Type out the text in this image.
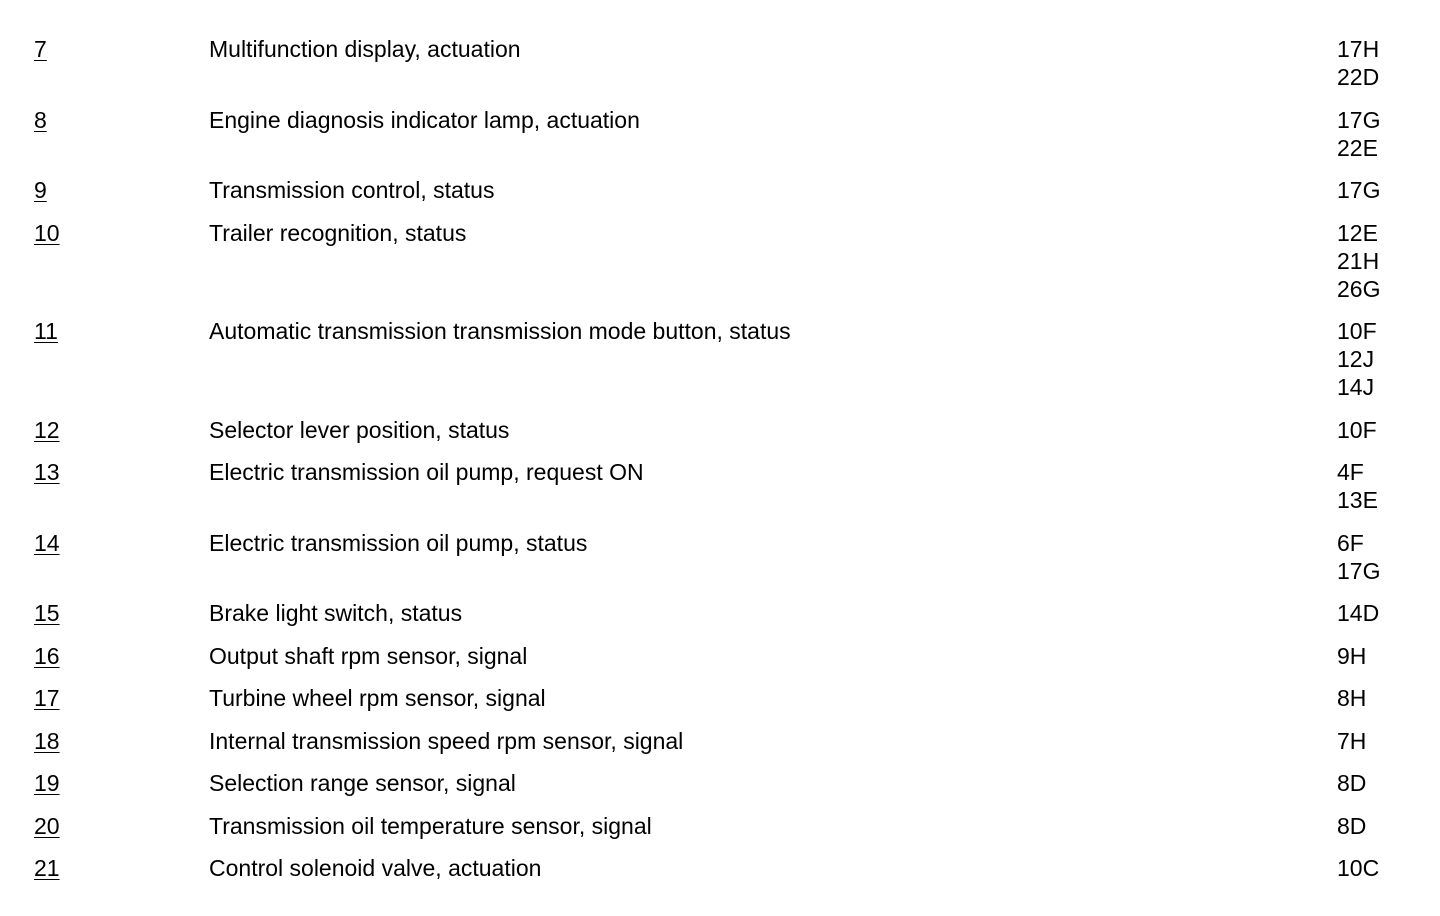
7	Multifunction display, actuation	17H
22D
8	Engine diagnosis indicator lamp, actuation	17G
22E
9	Transmission control, status	17G
10	Trailer recognition, status	12E
21H
26G
11	Automatic transmission transmission mode button, status	10F
12J
14J
12	Selector lever position, status	10F
13	Electric transmission oil pump, request ON	4F
13E
14	Electric transmission oil pump, status	6F
17G
15	Brake light switch, status	14D
16	Output shaft rpm sensor, signal	9H
17	Turbine wheel rpm sensor, signal	8H
18	Internal transmission speed rpm sensor, signal	7H
19	Selection range sensor, signal	8D
20	Transmission oil temperature sensor, signal	8D
21	Control solenoid valve, actuation	10C
